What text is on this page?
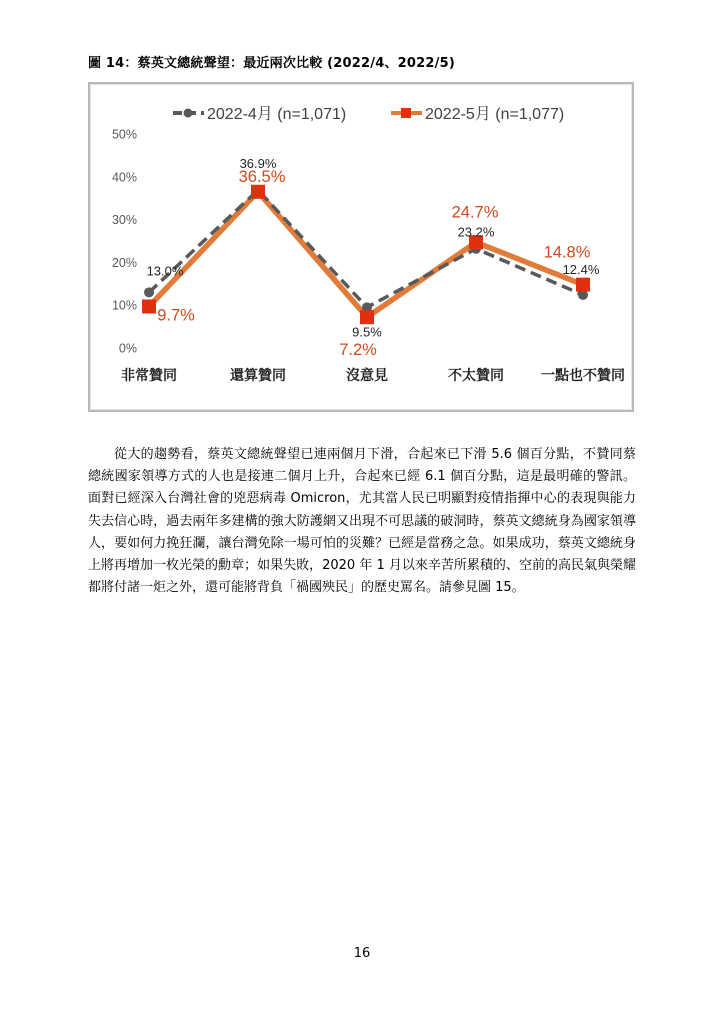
圖 14：蔡英文總統聲望：最近兩次比較 (2022/4、2022/5)
0%
10%
20%
30%
40%
50%
非常贊同	還算贊同	沒意見	不太贊同	一點也不贊同
2022-4月 (n=1,071)	2022-5月 (n=1,077)
13.0%
36.9%
9.5%
23.2%
12.4%
9.7%
36.5%
7.2%
24.7%
14.8%

從大的趨勢看，蔡英文總統聲望已連兩個月下滑，合起來已下滑 5.6 個百分點，不贊同蔡總統國家領導方式的人也是接連二個月上升，合起來已經 6.1 個百分點，這是最明確的警訊。面對已經深入台灣社會的兇惡病毒 Omicron，尤其當人民已明顯對疫情指揮中心的表現與能力失去信心時，過去兩年多建構的強大防護網又出現不可思議的破洞時，蔡英文總統身為國家領導人，要如何力挽狂瀾，讓台灣免除一場可怕的災難？已經是當務之急。如果成功，蔡英文總統身上將再增加一枚光榮的勳章；如果失敗，2020 年 1 月以來辛苦所累積的、空前的高民氣與榮耀都將付諸一炬之外，還可能將背負「禍國殃民」的歷史罵名。請參見圖 15。

16
